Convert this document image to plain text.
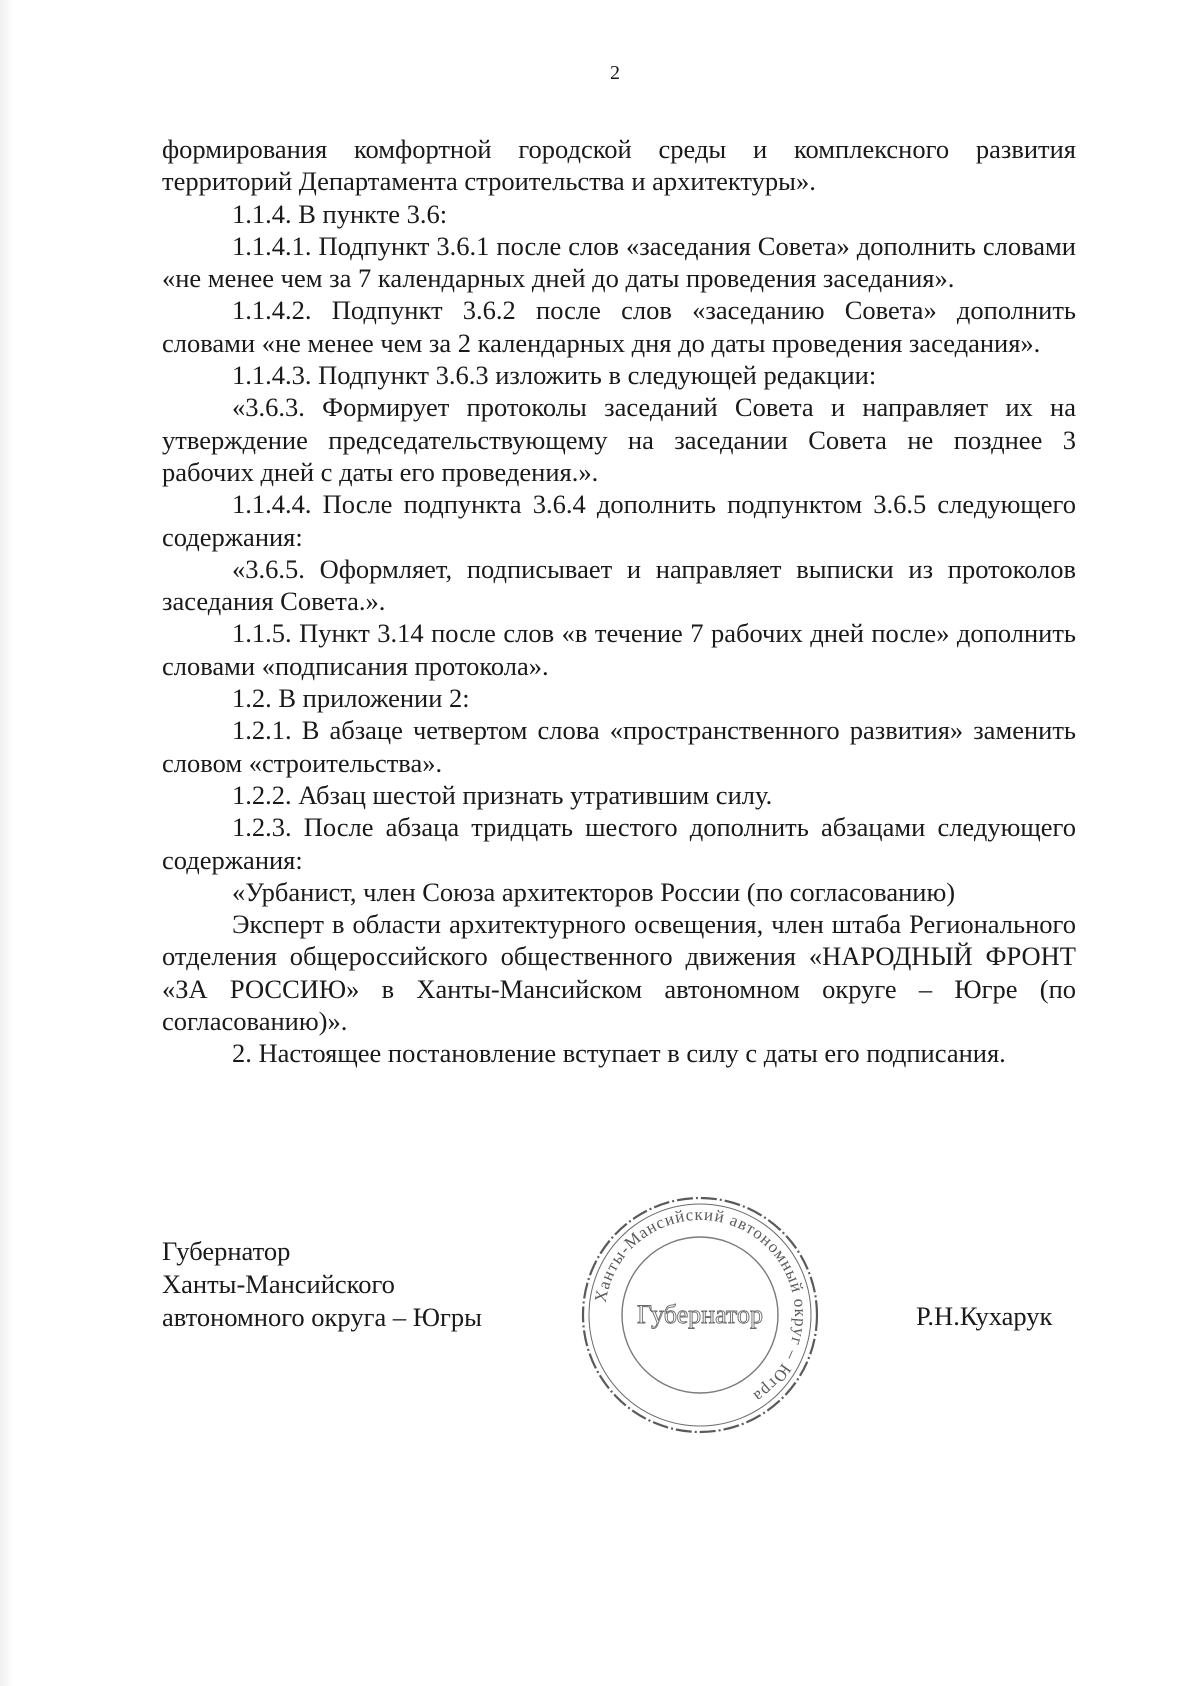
2

формирования комфортной городской среды и комплексного развития территорий Департамента строительства и архитектуры».

1.1.4. В пункте 3.6:

1.1.4.1. Подпункт 3.6.1 после слов «заседания Совета» дополнить словами «не менее чем за 7 календарных дней до даты проведения заседания».

1.1.4.2. Подпункт 3.6.2 после слов «заседанию Совета» дополнить словами «не менее чем за 2 календарных дня до даты проведения заседания».

1.1.4.3. Подпункт 3.6.3 изложить в следующей редакции:

«3.6.3. Формирует протоколы заседаний Совета и направляет их на утверждение председательствующему на заседании Совета не позднее 3 рабочих дней с даты его проведения.».

1.1.4.4. После подпункта 3.6.4 дополнить подпунктом 3.6.5 следующего содержания:

«3.6.5. Оформляет, подписывает и направляет выписки из протоколов заседания Совета.».

1.1.5. Пункт 3.14 после слов «в течение 7 рабочих дней после» дополнить словами «подписания протокола».

1.2. В приложении 2:

1.2.1. В абзаце четвертом слова «пространственного развития» заменить словом «строительства».

1.2.2. Абзац шестой признать утратившим силу.

1.2.3. После абзаца тридцать шестого дополнить абзацами следующего содержания:

«Урбанист, член Союза архитекторов России (по согласованию)

Эксперт в области архитектурного освещения, член штаба Регионального отделения общероссийского общественного движения «НАРОДНЫЙ ФРОНТ «ЗА РОССИЮ» в Ханты-Мансийском автономном округе – Югре (по согласованию)».

2. Настоящее постановление вступает в силу с даты его подписания.

Губернатор
Ханты-Мансийского
автономного округа – Югры
Ханты-Мансийский автономный округ – Югра
Губернатор	Р.Н.Кухарук
